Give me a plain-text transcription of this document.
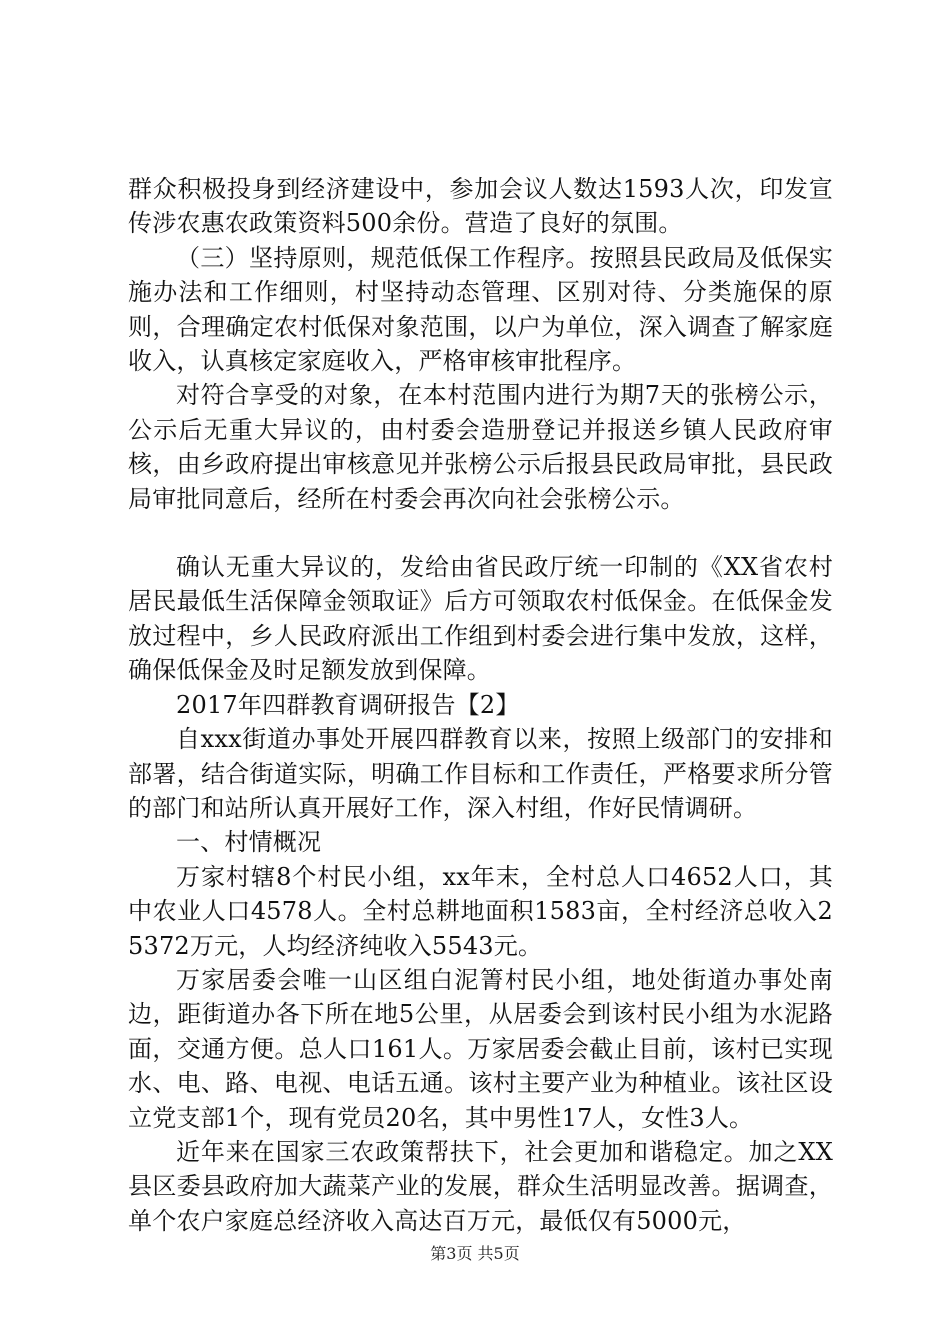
群众积极投身到经济建设中，参加会议人数达1593人次，印发宣传涉农惠农政策资料500余份。营造了良好的氛围。

（三）坚持原则，规范低保工作程序。按照县民政局及低保实施办法和工作细则，村坚持动态管理、区别对待、分类施保的原则，合理确定农村低保对象范围，以户为单位，深入调查了解家庭收入，认真核定家庭收入，严格审核审批程序。

对符合享受的对象，在本村范围内进行为期7天的张榜公示，公示后无重大异议的，由村委会造册登记并报送乡镇人民政府审核，由乡政府提出审核意见并张榜公示后报县民政局审批，县民政局审批同意后，经所在村委会再次向社会张榜公示。

确认无重大异议的，发给由省民政厅统一印制的《XX省农村居民最低生活保障金领取证》后方可领取农村低保金。在低保金发放过程中，乡人民政府派出工作组到村委会进行集中发放，这样，确保低保金及时足额发放到保障。

2017年四群教育调研报告【2】

自xxx街道办事处开展四群教育以来，按照上级部门的安排和部署，结合街道实际，明确工作目标和工作责任，严格要求所分管的部门和站所认真开展好工作，深入村组，作好民情调研。

一、村情概况

万家村辖8个村民小组，xx年末，全村总人口4652人口，其中农业人口4578人。全村总耕地面积1583亩，全村经济总收入25372万元，人均经济纯收入5543元。

万家居委会唯一山区组白泥箐村民小组，地处街道办事处南边，距街道办各下所在地5公里，从居委会到该村民小组为水泥路面，交通方便。总人口161人。万家居委会截止目前，该村已实现水、电、路、电视、电话五通。该村主要产业为种植业。该社区设立党支部1个，现有党员20名，其中男性17人，女性3人。

近年来在国家三农政策帮扶下，社会更加和谐稳定。加之XX县区委县政府加大蔬菜产业的发展，群众生活明显改善。据调查，单个农户家庭总经济收入高达百万元，最低仅有5000元，

第3页 共5页
